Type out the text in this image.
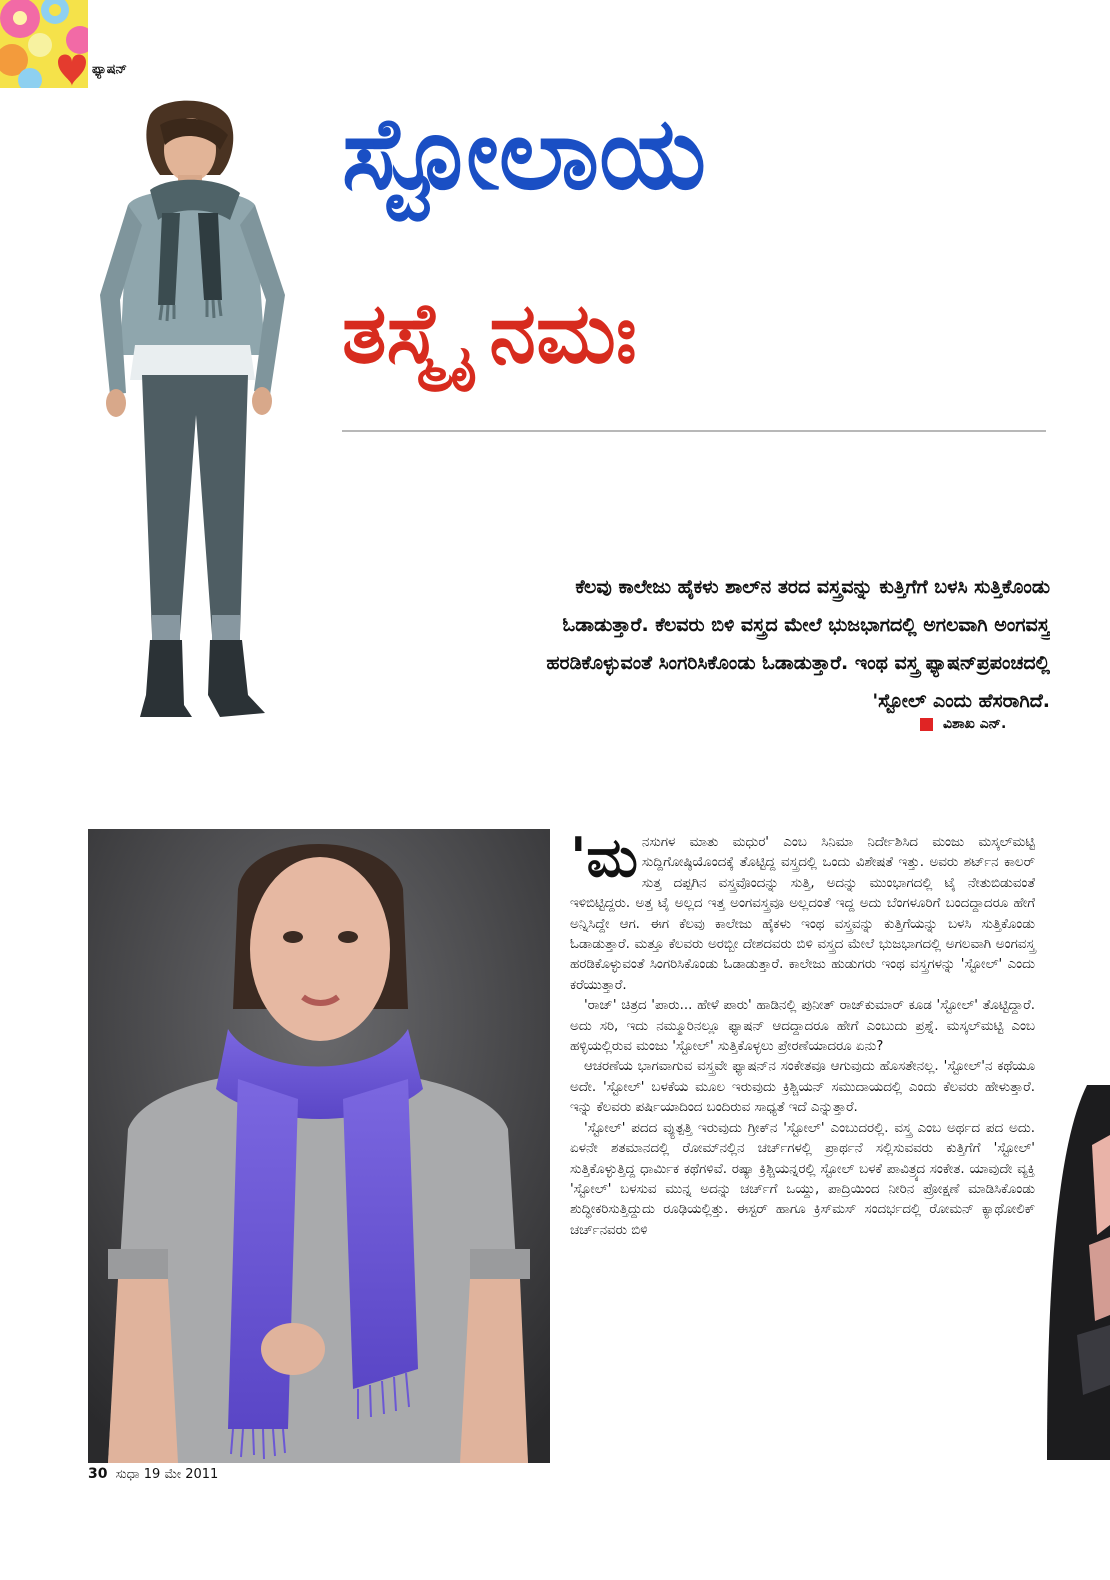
ಫ್ಯಾಷನ್
ಸ್ಟೋಲಾಯ
ತಸ್ಮೈ ನಮಃ
ಕೆಲವು ಕಾಲೇಜು ಹೈಕಳು ಶಾಲ್‌ನ ತರದ ವಸ್ತ್ರವನ್ನು ಕುತ್ತಿಗೆಗೆ ಬಳಸಿ ಸುತ್ತಿಕೊಂಡು
ಓಡಾಡುತ್ತಾರೆ. ಕೆಲವರು ಬಿಳಿ ವಸ್ತ್ರದ ಮೇಲೆ ಭುಜಭಾಗದಲ್ಲಿ ಅಗಲವಾಗಿ ಅಂಗವಸ್ತ್ರ
ಹರಡಿಕೊಳ್ಳುವಂತೆ ಸಿಂಗರಿಸಿಕೊಂಡು ಓಡಾಡುತ್ತಾರೆ. ಇಂಥ ವಸ್ತ್ರ ಫ್ಯಾಷನ್‌ಪ್ರಪಂಚದಲ್ಲಿ
'ಸ್ಟೋಲ್ ಎಂದು ಹೆಸರಾಗಿದೆ.
ವಿಶಾಖ ಎನ್.

'ಮ ನಸುಗಳ ಮಾತು ಮಧುರ' ಎಂಬ ಸಿನಿಮಾ ನಿರ್ದೇಶಿಸಿದ ಮಂಜು ಮಸ್ಕಲ್‌ಮಟ್ಟಿ ಸುದ್ದಿಗೋಷ್ಠಿಯೊಂದಕ್ಕೆ ತೊಟ್ಟಿದ್ದ ವಸ್ತ್ರದಲ್ಲಿ ಒಂದು ವಿಶೇಷತೆ ಇತ್ತು. ಅವರು ಶರ್ಟ್‌ನ ಕಾಲರ್ ಸುತ್ತ ದಪ್ಪಗಿನ ವಸ್ತ್ರವೊಂದನ್ನು ಸುತ್ತಿ, ಅದನ್ನು ಮುಂಭಾಗದಲ್ಲಿ ಟೈ ನೇತುಬಿಡುವಂತೆ ಇಳಿಬಿಟ್ಟಿದ್ದರು. ಅತ್ತ ಟೈ ಅಲ್ಲದ ಇತ್ತ ಅಂಗವಸ್ತ್ರವೂ ಅಲ್ಲದಂತೆ ಇದ್ದ ಅದು ಬೆಂಗಳೂರಿಗೆ ಬಂದದ್ದಾದರೂ ಹೇಗೆ ಅನ್ನಿಸಿದ್ದೇ ಆಗ. ಈಗ ಕೆಲವು ಕಾಲೇಜು ಹೈಕಳು ಇಂಥ ವಸ್ತ್ರವನ್ನು ಕುತ್ತಿಗೆಯನ್ನು ಬಳಸಿ ಸುತ್ತಿಕೊಂಡು ಓಡಾಡುತ್ತಾರೆ. ಮತ್ತೂ ಕೆಲವರು ಅರಬ್ಬೀ ದೇಶದವರು ಬಿಳಿ ವಸ್ತ್ರದ ಮೇಲೆ ಭುಜಭಾಗದಲ್ಲಿ ಅಗಲವಾಗಿ ಅಂಗವಸ್ತ್ರ ಹರಡಿಕೊಳ್ಳುವಂತೆ ಸಿಂಗರಿಸಿಕೊಂಡು ಓಡಾಡುತ್ತಾರೆ. ಕಾಲೇಜು ಹುಡುಗರು ಇಂಥ ವಸ್ತ್ರಗಳನ್ನು 'ಸ್ಟೋಲ್' ಎಂದು ಕರೆಯುತ್ತಾರೆ.

'ರಾಜ್' ಚಿತ್ರದ 'ಪಾರು... ಹೇಳೆ ಪಾರು' ಹಾಡಿನಲ್ಲಿ ಪುನೀತ್ ರಾಜ್‌ಕುಮಾರ್ ಕೂಡ 'ಸ್ಟೋಲ್' ತೊಟ್ಟಿದ್ದಾರೆ. ಅದು ಸರಿ, ಇದು ನಮ್ಮೂರಿನಲ್ಲೂ ಫ್ಯಾಷನ್ ಆದದ್ದಾದರೂ ಹೇಗೆ ಎಂಬುದು ಪ್ರಶ್ನೆ. ಮಸ್ಕಲ್‌ಮಟ್ಟಿ ಎಂಬ ಹಳ್ಳಿಯಲ್ಲಿರುವ ಮಂಜು 'ಸ್ಟೋಲ್' ಸುತ್ತಿಕೊಳ್ಳಲು ಪ್ರೇರಣೆಯಾದರೂ ಏನು?

ಆಚರಣೆಯ ಭಾಗವಾಗುವ ವಸ್ತ್ರವೇ ಫ್ಯಾಷನ್‌ನ ಸಂಕೇತವೂ ಆಗುವುದು ಹೊಸತೇನಲ್ಲ. 'ಸ್ಟೋಲ್'ನ ಕಥೆಯೂ ಅದೇ. 'ಸ್ಟೋಲ್' ಬಳಕೆಯ ಮೂಲ ಇರುವುದು ಕ್ರಿಶ್ಚಿಯನ್ ಸಮುದಾಯದಲ್ಲಿ ಎಂದು ಕೆಲವರು ಹೇಳುತ್ತಾರೆ. ಇನ್ನು ಕೆಲವರು ಪರ್ಷಿಯಾದಿಂದ ಬಂದಿರುವ ಸಾಧ್ಯತೆ ಇದೆ ಎನ್ನುತ್ತಾರೆ.

'ಸ್ಟೋಲ್' ಪದದ ವ್ಯುತ್ಪತ್ತಿ ಇರುವುದು ಗ್ರೀಕ್‌ನ 'ಸ್ಟೋಲ್' ಎಂಬುದರಲ್ಲಿ. ವಸ್ತ್ರ ಎಂಬ ಅರ್ಥದ ಪದ ಅದು. ಏಳನೇ ಶತಮಾನದಲ್ಲಿ ರೋಮ್‌ನಲ್ಲಿನ ಚರ್ಚ್‌ಗಳಲ್ಲಿ ಪ್ರಾರ್ಥನೆ ಸಲ್ಲಿಸುವವರು ಕುತ್ತಿಗೆಗೆ 'ಸ್ಟೋಲ್' ಸುತ್ತಿಕೊಳ್ಳುತ್ತಿದ್ದ ಧಾರ್ಮಿಕ ಕಥೆಗಳಿವೆ. ರಷ್ಯಾ ಕ್ರಿಶ್ಚಿಯನ್ನರಲ್ಲಿ ಸ್ಟೋಲ್ ಬಳಕೆ ಪಾವಿತ್ರ್ಯದ ಸಂಕೇತ. ಯಾವುದೇ ವ್ಯಕ್ತಿ 'ಸ್ಟೋಲ್' ಬಳಸುವ ಮುನ್ನ ಅದನ್ನು ಚರ್ಚ್‌ಗೆ ಒಯ್ದು, ಪಾದ್ರಿಯಿಂದ ನೀರಿನ ಪ್ರೋಕ್ಷಣೆ ಮಾಡಿಸಿಕೊಂಡು ಶುದ್ಧೀಕರಿಸುತ್ತಿದ್ದುದು ರೂಢಿಯಲ್ಲಿತ್ತು. ಈಸ್ಟರ್ ಹಾಗೂ ಕ್ರಿಸ್‌ಮಸ್ ಸಂದರ್ಭದಲ್ಲಿ ರೋಮನ್ ಕ್ಯಾಥೋಲಿಕ್ ಚರ್ಚ್‌ನವರು ಬಿಳಿ

30 ಸುಧಾ 19 ಮೇ 2011
